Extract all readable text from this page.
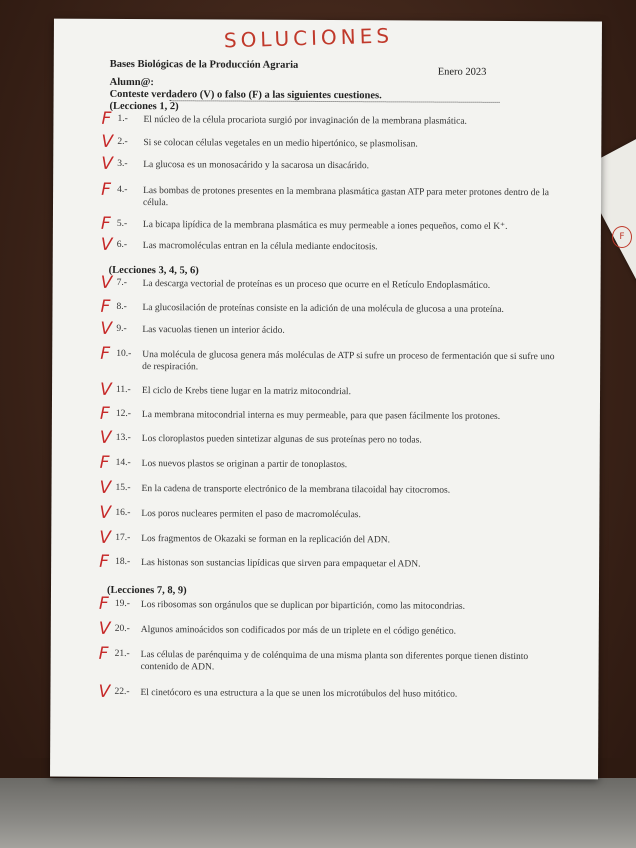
F
SOLUCIONES
Bases Biológicas de la Producción Agraria
Enero 2023
Alumn@:
Conteste verdadero (V) o falso (F) a las siguientes cuestiones.
(Lecciones 1, 2)
(Lecciones 3, 4, 5, 6)
(Lecciones 7, 8, 9)
F 1.- El núcleo de la célula procariota surgió por invaginación de la membrana plasmática.
V 2.- Si se colocan células vegetales en un medio hipertónico, se plasmolisan.
V 3.- La glucosa es un monosacárido y la sacarosa un disacárido.
F 4.- Las bombas de protones presentes en la membrana plasmática gastan ATP para meter protones dentro de la célula.
F 5.- La bicapa lipídica de la membrana plasmática es muy permeable a iones pequeños, como el K⁺.
V 6.- Las macromoléculas entran en la célula mediante endocitosis.
V 7.- La descarga vectorial de proteínas es un proceso que ocurre en el Retículo Endoplasmático.
F 8.- La glucosilación de proteínas consiste en la adición de una molécula de glucosa a una proteína.
V 9.- Las vacuolas tienen un interior ácido.
F 10.- Una molécula de glucosa genera más moléculas de ATP si sufre un proceso de fermentación que si sufre uno de respiración.
V 11.- El ciclo de Krebs tiene lugar en la matriz mitocondrial.
F 12.- La membrana mitocondrial interna es muy permeable, para que pasen fácilmente los protones.
V 13.- Los cloroplastos pueden sintetizar algunas de sus proteínas pero no todas.
F 14.- Los nuevos plastos se originan a partir de tonoplastos.
V 15.- En la cadena de transporte electrónico de la membrana tilacoidal hay citocromos.
V 16.- Los poros nucleares permiten el paso de macromoléculas.
V 17.- Los fragmentos de Okazaki se forman en la replicación del ADN.
F 18.- Las histonas son sustancias lipídicas que sirven para empaquetar el ADN.
F 19.- Los ribosomas son orgánulos que se duplican por bipartición, como las mitocondrias.
V 20.- Algunos aminoácidos son codificados por más de un triplete en el código genético.
F 21.- Las células de parénquima y de colénquima de una misma planta son diferentes porque tienen distinto contenido de ADN.
V 22.- El cinetócoro es una estructura a la que se unen los microtúbulos del huso mitótico.
